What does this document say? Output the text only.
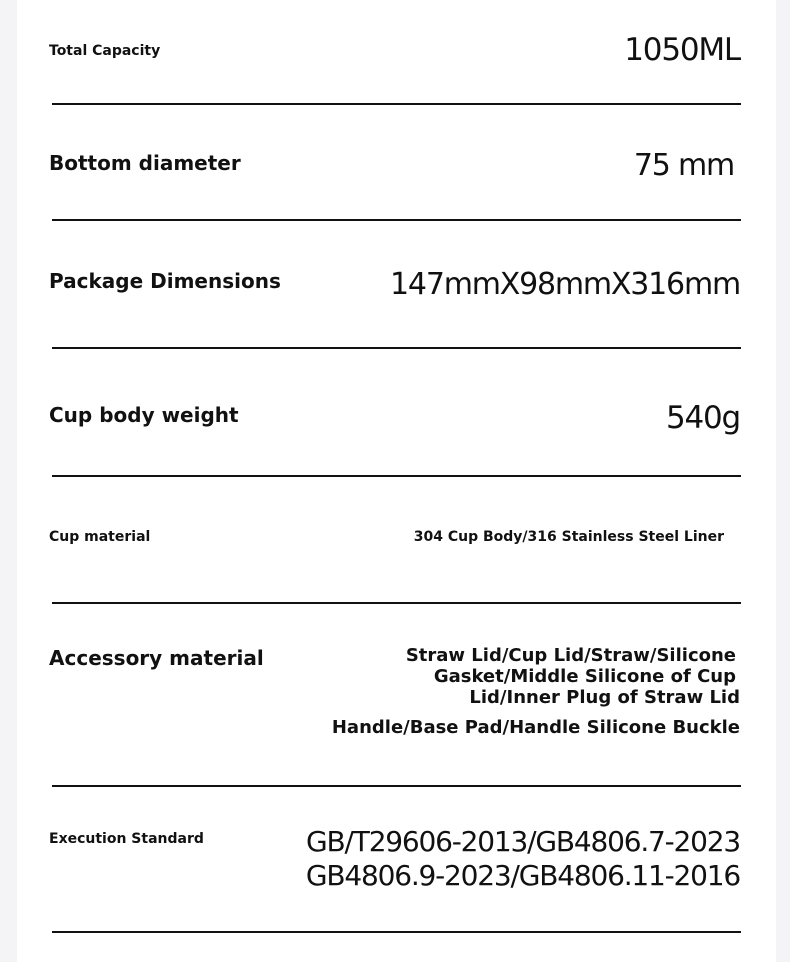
Total Capacity	1050ML
Bottom diameter	75 mm
Package Dimensions	147mmX98mmX316mm
Cup body weight	540g
Cup material	304 Cup Body/316 Stainless Steel Liner
Accessory material	Straw Lid/Cup Lid/Straw/Silicone
Gasket/Middle Silicone of Cup
Lid/Inner Plug of Straw Lid
Handle/Base Pad/Handle Silicone Buckle
Execution Standard	GB/T29606-2013/GB4806.7-2023
GB4806.9-2023/GB4806.11-2016
